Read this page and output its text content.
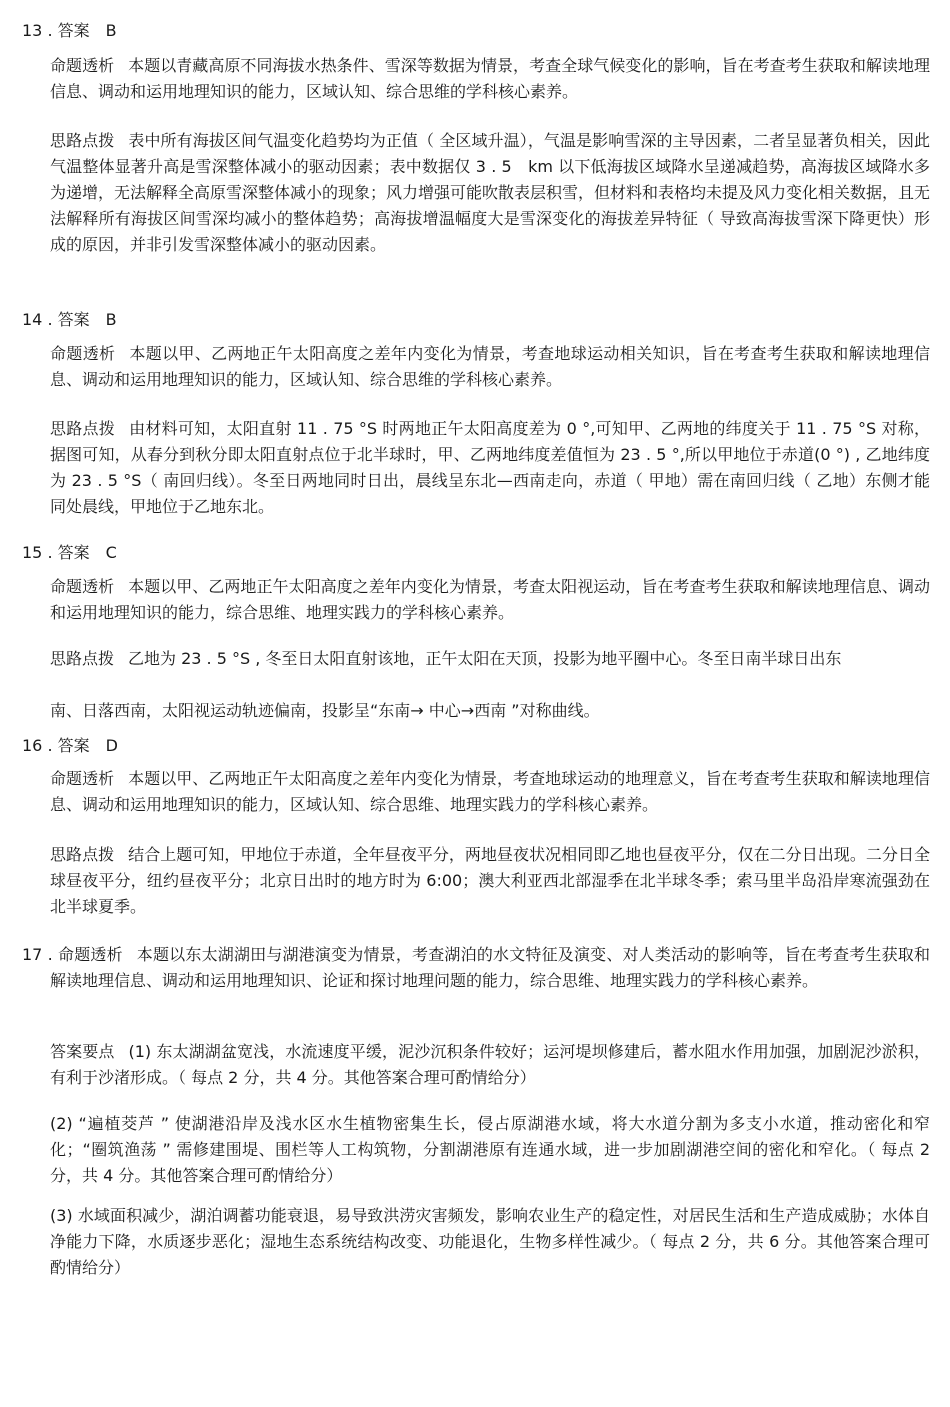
13 . 答案　B
命题透析 本题以青藏高原不同海拔水热条件、雪深等数据为情景，考查全球气候变化的影响，旨在考查考生获取和解读地理信息、调动和运用地理知识的能力，区域认知、综合思维的学科核心素养。
思路点拨 表中所有海拔区间气温变化趋势均为正值（ 全区域升温），气温是影响雪深的主导因素，二者呈显著负相关，因此气温整体显著升高是雪深整体减小的驱动因素；表中数据仅 3 . 5　km 以下低海拔区域降水呈递减趋势，高海拔区域降水多为递增，无法解释全高原雪深整体减小的现象；风力增强可能吹散表层积雪，但材料和表格均未提及风力变化相关数据，且无法解释所有海拔区间雪深均减小的整体趋势；高海拔增温幅度大是雪深变化的海拔差异特征（ 导致高海拔雪深下降更快）形成的原因，并非引发雪深整体减小的驱动因素。
14 . 答案　B
命题透析 本题以甲、乙两地正午太阳高度之差年内变化为情景，考查地球运动相关知识，旨在考查考生获取和解读地理信息、调动和运用地理知识的能力，区域认知、综合思维的学科核心素养。
思路点拨 由材料可知，太阳直射 11 . 75 °S 时两地正午太阳高度差为 0 °,可知甲、乙两地的纬度关于 11 . 75 °S 对称，据图可知，从春分到秋分即太阳直射点位于北半球时，甲、乙两地纬度差值恒为 23 . 5 °,所以甲地位于赤道(0 °) , 乙地纬度为 23 . 5 °S（ 南回归线）。冬至日两地同时日出，晨线呈东北—西南走向，赤道（ 甲地）需在南回归线（ 乙地）东侧才能同处晨线，甲地位于乙地东北。
15 . 答案　C
命题透析 本题以甲、乙两地正午太阳高度之差年内变化为情景，考查太阳视运动，旨在考查考生获取和解读地理信息、调动和运用地理知识的能力，综合思维、地理实践力的学科核心素养。
思路点拨 乙地为 23 . 5 °S , 冬至日太阳直射该地，正午太阳在天顶，投影为地平圈中心。冬至日南半球日出东
南、日落西南，太阳视运动轨迹偏南，投影呈“东南→ 中心→西南 ”对称曲线。
16 . 答案　D
命题透析 本题以甲、乙两地正午太阳高度之差年内变化为情景，考查地球运动的地理意义，旨在考查考生获取和解读地理信息、调动和运用地理知识的能力，区域认知、综合思维、地理实践力的学科核心素养。
思路点拨 结合上题可知，甲地位于赤道，全年昼夜平分，两地昼夜状况相同即乙地也昼夜平分，仅在二分日出现。二分日全球昼夜平分，纽约昼夜平分；北京日出时的地方时为 6:00；澳大利亚西北部湿季在北半球冬季；索马里半岛沿岸寒流强劲在北半球夏季。
17 . 命题透析 本题以东太湖湖田与湖港演变为情景，考查湖泊的水文特征及演变、对人类活动的影响等，旨在考查考生获取和解读地理信息、调动和运用地理知识、论证和探讨地理问题的能力，综合思维、地理实践力的学科核心素养。
答案要点 (1) 东太湖湖盆宽浅，水流速度平缓，泥沙沉积条件较好；运河堤坝修建后，蓄水阻水作用加强，加剧泥沙淤积，有利于沙渚形成。（ 每点 2 分，共 4 分。其他答案合理可酌情给分）
(2) “遍植茭芦 ” 使湖港沿岸及浅水区水生植物密集生长，侵占原湖港水域，将大水道分割为多支小水道，推动密化和窄化；“圈筑渔荡 ” 需修建围堤、围栏等人工构筑物，分割湖港原有连通水域，进一步加剧湖港空间的密化和窄化。（ 每点 2 分，共 4 分。其他答案合理可酌情给分）
(3) 水域面积减少，湖泊调蓄功能衰退，易导致洪涝灾害频发，影响农业生产的稳定性，对居民生活和生产造成威胁；水体自净能力下降，水质逐步恶化；湿地生态系统结构改变、功能退化，生物多样性减少。（ 每点 2 分，共 6 分。其他答案合理可酌情给分）
